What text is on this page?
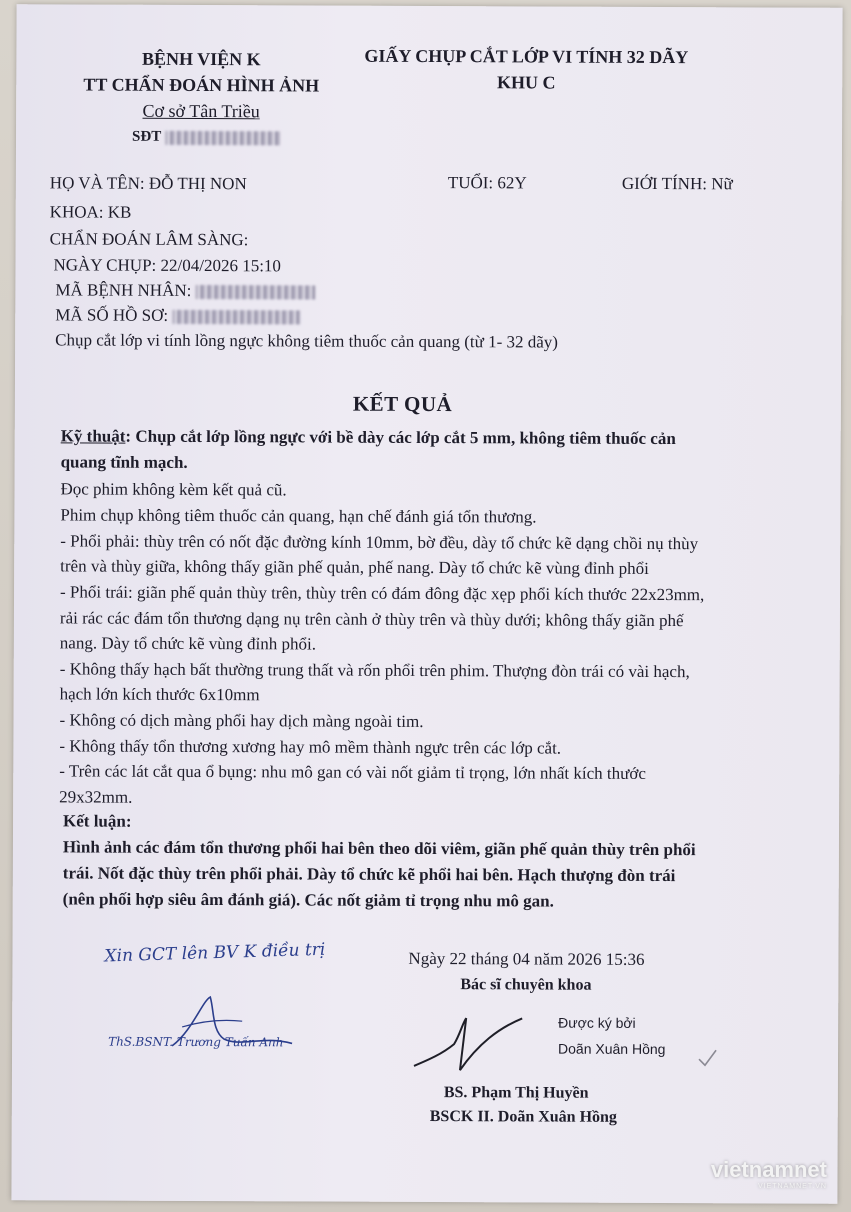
BỆNH VIỆN K
TT CHẨN ĐOÁN HÌNH ẢNH
Cơ sở Tân Triều
SĐT
GIẤY CHỤP CẮT LỚP VI TÍNH 32 DÃY
KHU C
HỌ VÀ TÊN: ĐỖ THỊ NON	TUỔI: 62Y	GIỚI TÍNH: Nữ
KHOA: KB
CHẨN ĐOÁN LÂM SÀNG:
NGÀY CHỤP: 22/04/2026 15:10
MÃ BỆNH NHÂN:
MÃ SỐ HỒ SƠ:
Chụp cắt lớp vi tính lồng ngực không tiêm thuốc cản quang (từ 1- 32 dãy)
KẾT QUẢ
Kỹ thuật: Chụp cắt lớp lồng ngực với bề dày các lớp cắt 5 mm, không tiêm thuốc cản
quang tĩnh mạch.
Đọc phim không kèm kết quả cũ.
Phim chụp không tiêm thuốc cản quang, hạn chế đánh giá tổn thương.
- Phổi phải: thùy trên có nốt đặc đường kính 10mm, bờ đều, dày tổ chức kẽ dạng chồi nụ thùy
trên và thùy giữa, không thấy giãn phế quản, phế nang. Dày tổ chức kẽ vùng đỉnh phổi
- Phổi trái: giãn phế quản thùy trên, thùy trên có đám đông đặc xẹp phổi kích thước 22x23mm,
rải rác các đám tổn thương dạng nụ trên cành ở thùy trên và thùy dưới; không thấy giãn phế
nang. Dày tổ chức kẽ vùng đỉnh phổi.
- Không thấy hạch bất thường trung thất và rốn phổi trên phim. Thượng đòn trái có vài hạch,
hạch lớn kích thước 6x10mm
- Không có dịch màng phổi hay dịch màng ngoài tim.
- Không thấy tổn thương xương hay mô mềm thành ngực trên các lớp cắt.
- Trên các lát cắt qua ổ bụng: nhu mô gan có vài nốt giảm tỉ trọng, lớn nhất kích thước
29x32mm.
Kết luận:
Hình ảnh các đám tổn thương phổi hai bên theo dõi viêm, giãn phế quản thùy trên phổi
trái. Nốt đặc thùy trên phổi phải. Dày tổ chức kẽ phổi hai bên. Hạch thượng đòn trái
(nên phối hợp siêu âm đánh giá). Các nốt giảm tỉ trọng nhu mô gan.
Xin GCT lên BV K điều trị	Ngày 22 tháng 04 năm 2026 15:36
Bác sĩ chuyên khoa
ThS.BSNT. Trương Tuấn Anh
Được ký bởi
Doãn Xuân Hồng
BS. Phạm Thị Huyền
BSCK II. Doãn Xuân Hồng
vietnamnet
VIETNAMNET.VN
